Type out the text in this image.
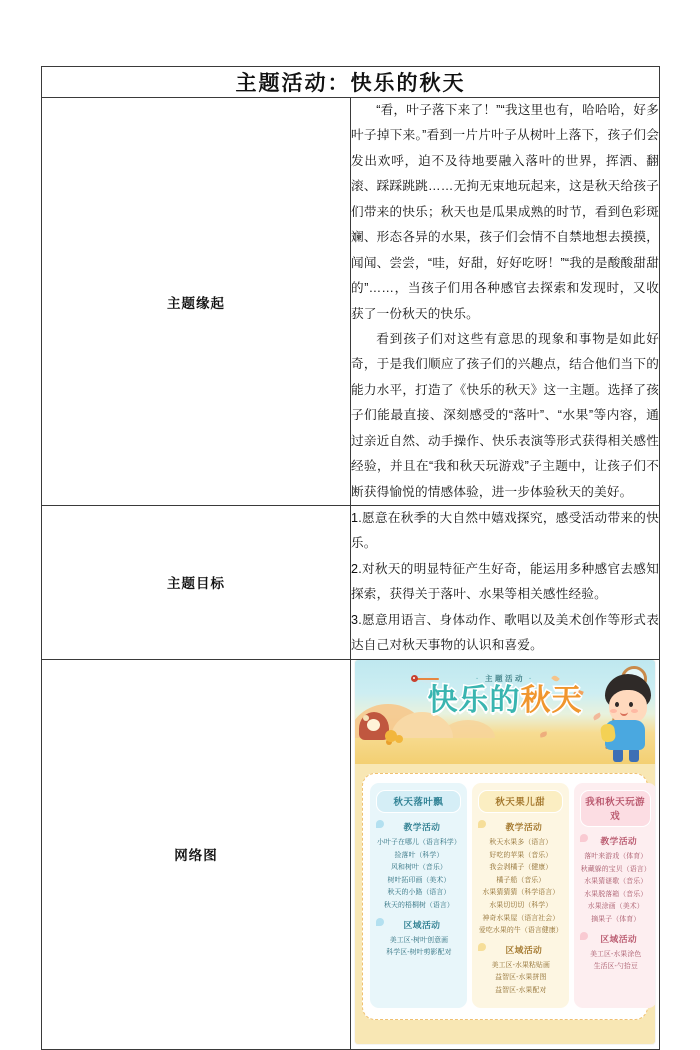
主题活动：快乐的秋天	
主题缘起	“看，叶子落下来了！”“我这里也有，哈哈哈，好多叶子掉下来。”看到一片片叶子从树叶上落下，孩子们会发出欢呼，迫不及待地要融入落叶的世界，挥洒、翻滚、踩踩跳跳……无拘无束地玩起来，这是秋天给孩子们带来的快乐；秋天也是瓜果成熟的时节，看到色彩斑斓、形态各异的水果，孩子们会情不自禁地想去摸摸，闻闻、尝尝，“哇，好甜，好好吃呀！”“我的是酸酸甜甜的”……，当孩子们用各种感官去探索和发现时，又收获了一份秋天的快乐。

看到孩子们对这些有意思的现象和事物是如此好奇，于是我们顺应了孩子们的兴趣点，结合他们当下的能力水平，打造了《快乐的秋天》这一主题。选择了孩子们能最直接、深刻感受的“落叶”、“水果”等内容，通过亲近自然、动手操作、快乐表演等形式获得相关感性经验，并且在“我和秋天玩游戏”子主题中，让孩子们不断获得愉悦的情感体验，进一步体验秋天的美好。

主题目标	1.愿意在秋季的大自然中嬉戏探究，感受活动带来的快乐。

2.对秋天的明显特征产生好奇，能运用多种感官去感知探索，获得关于落叶、水果等相关感性经验。

3.愿意用语言、身体动作、歌唱以及美术创作等形式表达自己对秋天事物的认识和喜爱。

网络图	
· 主题活动 ·
快乐的秋天
秋天落叶飘
教学活动
小叶子在哪儿（语言科学）
捡落叶（科学）
风和树叶（音乐）
树叶拓印画（美术）
秋天的小路（语言）
秋天的梧桐树（语言）
区域活动
美工区-树叶创意画
科学区-树叶剪影配对
秋天果儿甜
教学活动
秋天水果多（语言）
好吃的苹果（音乐）
我会剥橘子（健康）
橘子船（音乐）
水果猜猜猜（科学语言）
水果切切切（科学）
神奇水果屋（语言社会）
爱吃水果的牛（语言健康）
区域活动
美工区-水果粘贴画
益智区-水果拼图
益智区-水果配对
我和秋天玩游戏
教学活动
落叶来游戏（体育）
秋藏躲的宝贝（语言）
水果猜谜歌（音乐）
水果脱落箱（音乐）
水果涂画（美术）
摘果子（体育）
区域活动
美工区-水果涂色
生活区-勺拾豆
